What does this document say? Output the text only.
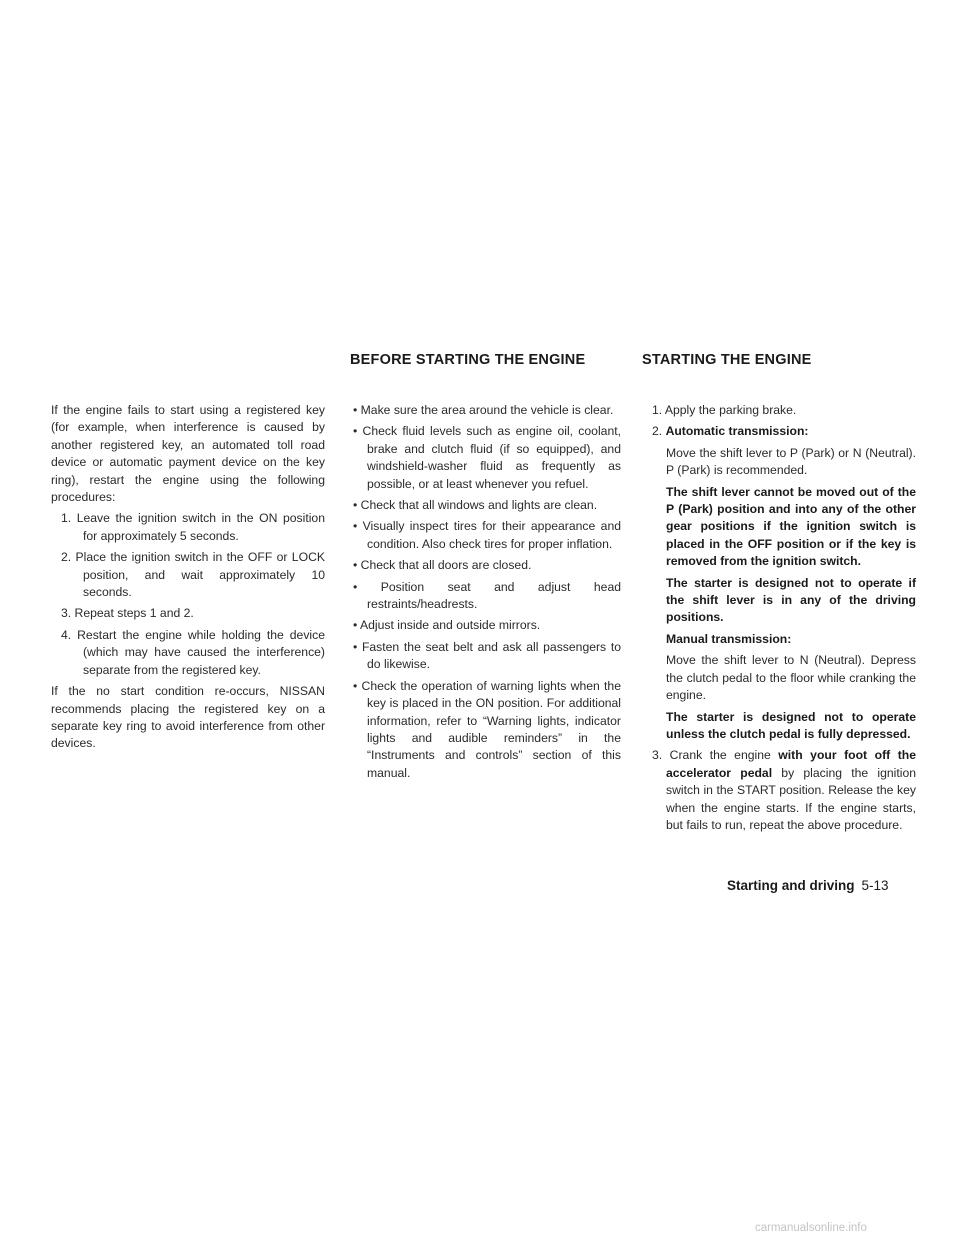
BEFORE STARTING THE ENGINE	STARTING THE ENGINE

If the engine fails to start using a registered key (for example, when interference is caused by another registered key, an automated toll road device or automatic payment device on the key ring), restart the engine using the following procedures:

1. Leave the ignition switch in the ON position for approximately 5 seconds.

2. Place the ignition switch in the OFF or LOCK position, and wait approximately 10 seconds.

3. Repeat steps 1 and 2.

4. Restart the engine while holding the device (which may have caused the interference) separate from the registered key.

If the no start condition re-occurs, NISSAN recommends placing the registered key on a separate key ring to avoid interference from other devices.

• Make sure the area around the vehicle is clear.

• Check fluid levels such as engine oil, coolant, brake and clutch fluid (if so equipped), and windshield-washer fluid as frequently as possible, or at least whenever you refuel.

• Check that all windows and lights are clean.

• Visually inspect tires for their appearance and condition. Also check tires for proper inflation.

• Check that all doors are closed.

• Position seat and adjust head restraints/headrests.

• Adjust inside and outside mirrors.

• Fasten the seat belt and ask all passengers to do likewise.

• Check the operation of warning lights when the key is placed in the ON position. For additional information, refer to “Warning lights, indicator lights and audible reminders” in the “Instruments and controls” section of this manual.

1. Apply the parking brake.

2. Automatic transmission:

Move the shift lever to P (Park) or N (Neutral). P (Park) is recommended.

The shift lever cannot be moved out of the P (Park) position and into any of the other gear positions if the ignition switch is placed in the OFF position or if the key is removed from the ignition switch.

The starter is designed not to operate if the shift lever is in any of the driving positions.

Manual transmission:

Move the shift lever to N (Neutral). Depress the clutch pedal to the floor while cranking the engine.

The starter is designed not to operate unless the clutch pedal is fully depressed.

3. Crank the engine with your foot off the accelerator pedal by placing the ignition switch in the START position. Release the key when the engine starts. If the engine starts, but fails to run, repeat the above procedure.

Starting and driving 5-13
carmanualsonline.info
